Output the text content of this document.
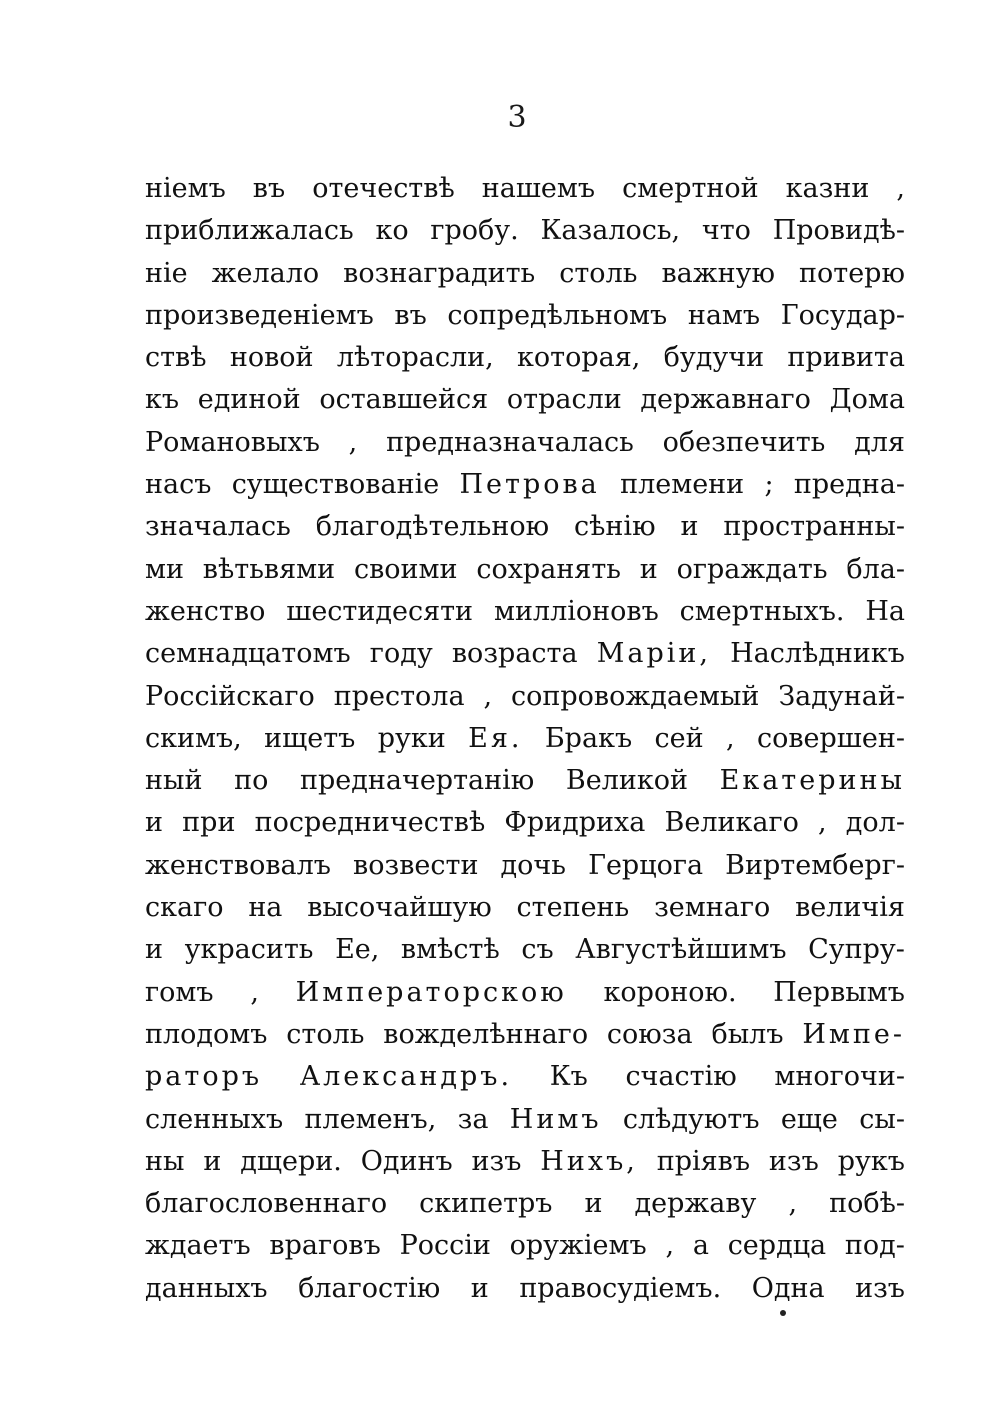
3
нiемъ въ отечествѣ нашемъ смертной казни ,
приближалась ко гробу. Казалось, что Провидѣ-
нiе желало вознаградить столь важную потерю
произведенiемъ въ сопредѣльномъ намъ Государ-
ствѣ новой лѣторасли, которая, будучи привита
къ единой оставшейся отрасли державнаго Дома
Романовыхъ , предназначалась обезпечить для
насъ существованiе Петрова племени ; предна-
значалась благодѣтельною сѣнiю и пространны-
ми вѣтьвями своими сохранять и ограждать бла-
женство шестидесяти миллiоновъ смертныхъ. На
семнадцатомъ году возраста Марiи, Наслѣдникъ
Россiйскаго престола , сопровождаемый Задунай-
скимъ, ищетъ руки Ея. Бракъ сей , совершен-
ный по предначертанiю Великой Екатерины
и при посредничествѣ Фридриха Великаго , дол-
женствовалъ возвести дочь Герцога Виртемберг-
скаго на высочайшую степень земнаго величiя
и украсить Ее, вмѣстѣ съ Августѣйшимъ Супру-
гомъ , Императорскою короною. Первымъ
плодомъ столь вожделѣннаго союза былъ Импе-
раторъ Александръ. Къ счастiю многочи-
сленныхъ племенъ, за Нимъ слѣдуютъ еще сы-
ны и дщери. Одинъ изъ Нихъ, прiявъ изъ рукъ
благословеннаго скипетръ и державу , побѣ-
ждаетъ враговъ Россiи оружiемъ , а сердца под-
данныхъ благостiю и правосудiемъ. Одна изъ
